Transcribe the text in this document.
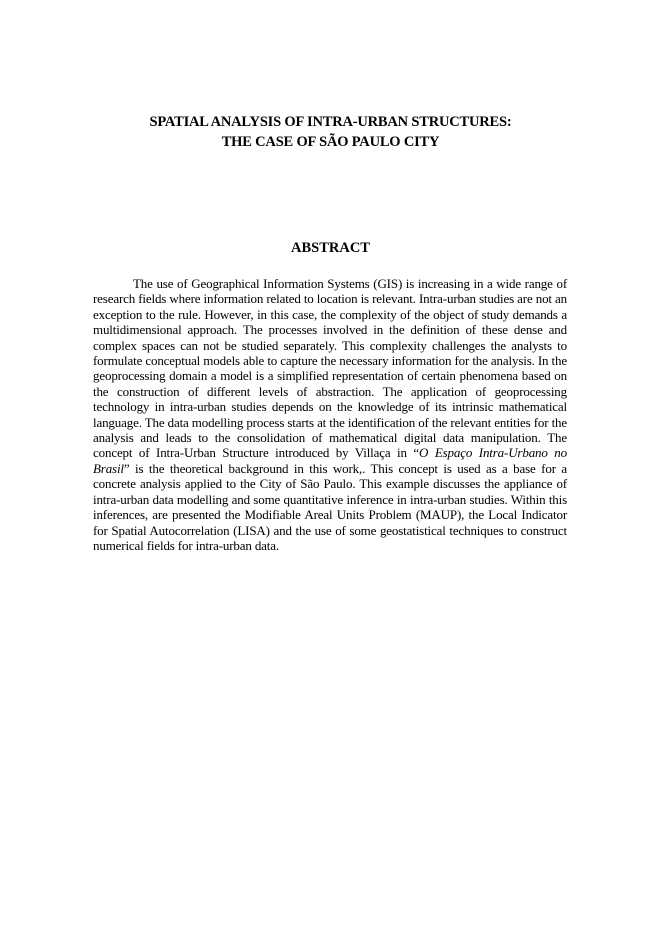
SPATIAL ANALYSIS OF INTRA-URBAN STRUCTURES:
THE CASE OF SÃO PAULO CITY
ABSTRACT

The use of Geographical Information Systems (GIS) is increasing in a wide range of research fields where information related to location is relevant. Intra-urban studies are not an exception to the rule. However, in this case, the complexity of the object of study demands a multidimensional approach. The processes involved in the definition of these dense and complex spaces can not be studied separately. This complexity challenges the analysts to formulate conceptual models able to capture the necessary information for the analysis. In the geoprocessing domain a model is a simplified representation of certain phenomena based on the construction of different levels of abstraction. The application of geoprocessing technology in intra-urban studies depends on the knowledge of its intrinsic mathematical language. The data modelling process starts at the identification of the relevant entities for the analysis and leads to the consolidation of mathematical digital data manipulation. The concept of Intra-Urban Structure introduced by Villaça in “O Espaço Intra-Urbano no Brasil” is the theoretical background in this work,. This concept is used as a base for a concrete analysis applied to the City of São Paulo. This example discusses the appliance of intra-urban data modelling and some quantitative inference in intra-urban studies. Within this inferences, are presented the Modifiable Areal Units Problem (MAUP), the Local Indicator for Spatial Autocorrelation (LISA) and the use of some geostatistical techniques to construct numerical fields for intra-urban data.
